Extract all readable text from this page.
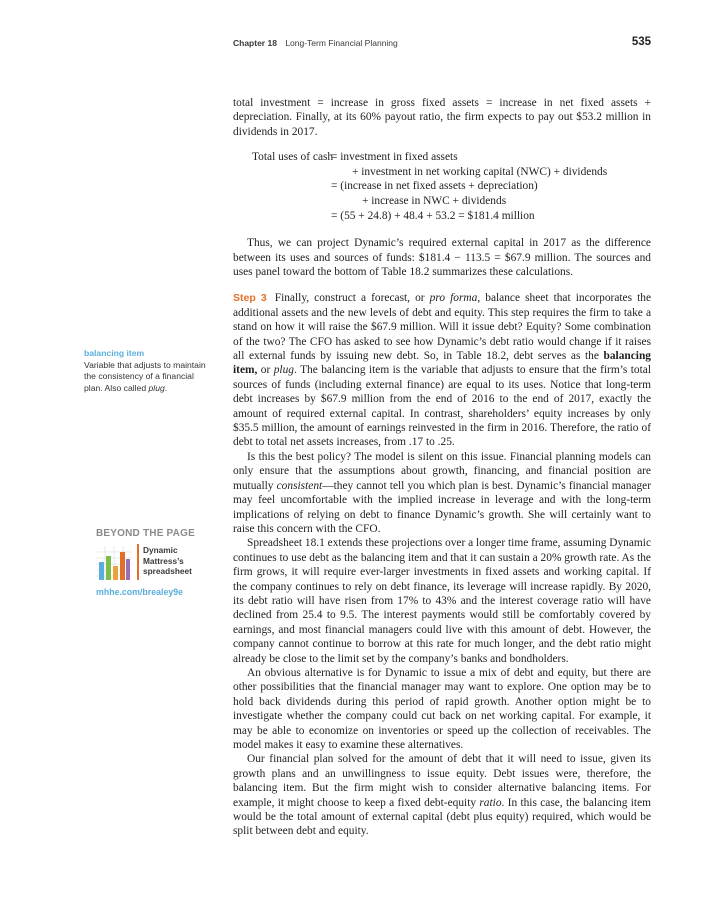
Chapter 18 Long-Term Financial Planning	535
balancing item
Variable that adjusts to maintain the consistency of a financial plan. Also called plug.
BEYOND THE PAGE
Dynamic
Mattress’s
spreadsheet
mhhe.com/brealey9e

total investment = increase in gross fixed assets = increase in net fixed assets + depreciation. Finally, at its 60% payout ratio, the firm expects to pay out $53.2 million in dividends in 2017.

Total uses of cash
= investment in fixed assets
+ investment in net working capital (NWC) + dividends
= (increase in net fixed assets + depreciation)
+ increase in NWC + dividends
= (55 + 24.8) + 48.4 + 53.2 = $181.4 million

Thus, we can project Dynamic’s required external capital in 2017 as the difference between its uses and sources of funds: $181.4 − 113.5 = $67.9 million. The sources and uses panel toward the bottom of Table 18.2 summarizes these calculations.

Step 3 Finally, construct a forecast, or pro forma, balance sheet that incorporates the additional assets and the new levels of debt and equity. This step requires the firm to take a stand on how it will raise the $67.9 million. Will it issue debt? Equity? Some combination of the two? The CFO has asked to see how Dynamic’s debt ratio would change if it raises all external funds by issuing new debt. So, in Table 18.2, debt serves as the balancing item, or plug. The balancing item is the variable that adjusts to ensure that the firm’s total sources of funds (including external finance) are equal to its uses. Notice that long-term debt increases by $67.9 million from the end of 2016 to the end of 2017, exactly the amount of required external capital. In contrast, shareholders’ equity increases by only $35.5 million, the amount of earnings reinvested in the firm in 2016. Therefore, the ratio of debt to total net assets increases, from .17 to .25.

Is this the best policy? The model is silent on this issue. Financial planning models can only ensure that the assumptions about growth, financing, and financial position are mutually consistent—they cannot tell you which plan is best. Dynamic’s financial manager may feel uncomfortable with the implied increase in leverage and with the long-term implications of relying on debt to finance Dynamic’s growth. She will certainly want to raise this concern with the CFO.

Spreadsheet 18.1 extends these projections over a longer time frame, assuming Dynamic continues to use debt as the balancing item and that it can sustain a 20% growth rate. As the firm grows, it will require ever-larger investments in fixed assets and working capital. If the company continues to rely on debt finance, its leverage will increase rapidly. By 2020, its debt ratio will have risen from 17% to 43% and the interest coverage ratio will have declined from 25.4 to 9.5. The interest payments would still be comfortably covered by earnings, and most financial managers could live with this amount of debt. However, the company cannot continue to borrow at this rate for much longer, and the debt ratio might already be close to the limit set by the company’s banks and bondholders.

An obvious alternative is for Dynamic to issue a mix of debt and equity, but there are other possibilities that the financial manager may want to explore. One option may be to hold back dividends during this period of rapid growth. Another option might be to investigate whether the company could cut back on net working capital. For example, it may be able to economize on inventories or speed up the collection of receivables. The model makes it easy to examine these alternatives.

Our financial plan solved for the amount of debt that it will need to issue, given its growth plans and an unwillingness to issue equity. Debt issues were, therefore, the balancing item. But the firm might wish to consider alternative balancing items. For example, it might choose to keep a fixed debt-equity ratio. In this case, the balancing item would be the total amount of external capital (debt plus equity) required, which would be split between debt and equity.
